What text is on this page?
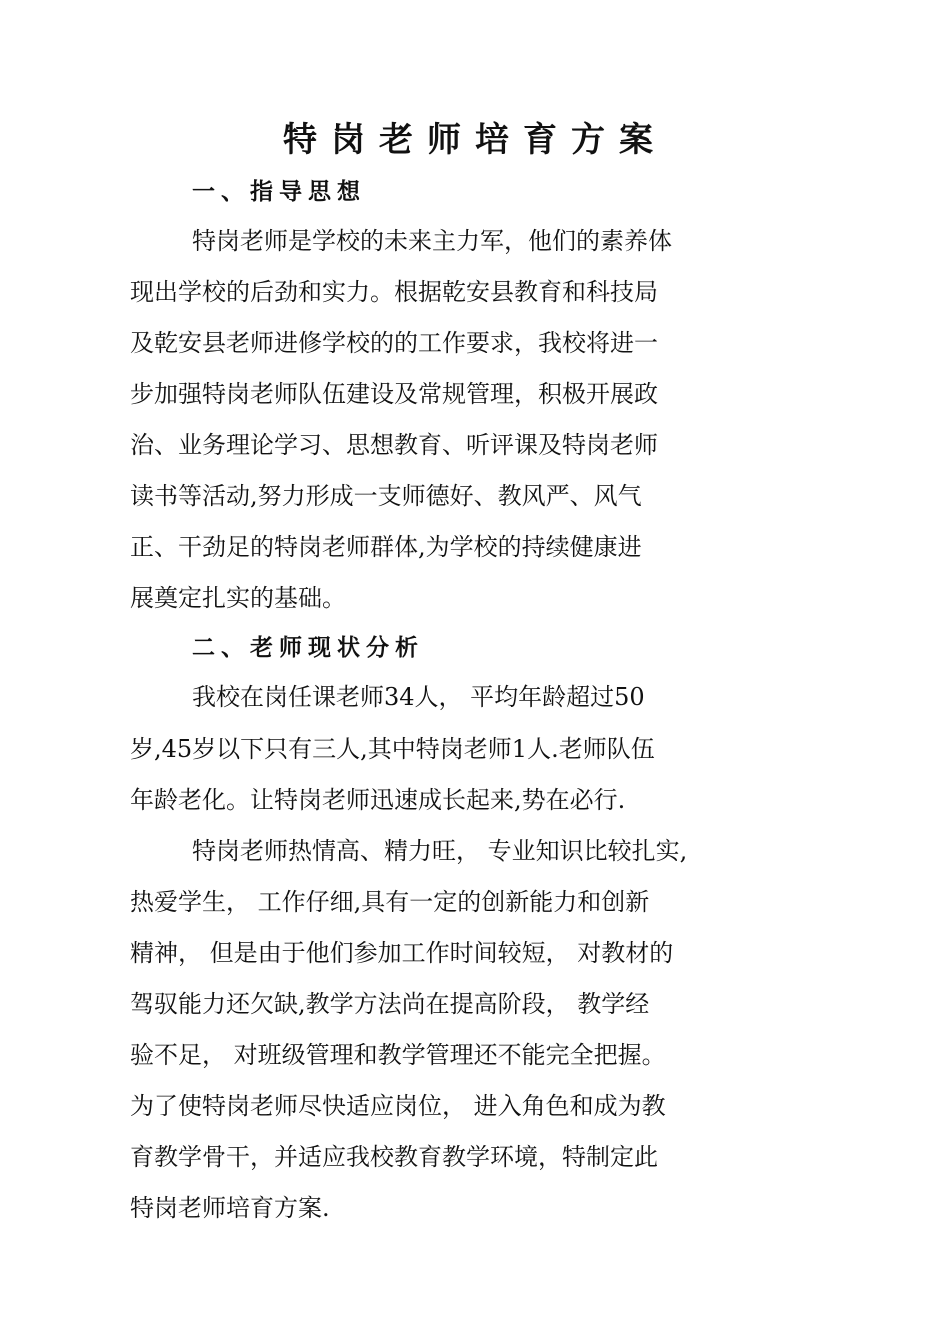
特岗老师培育方案
一、指导思想

特岗老师是学校的未来主力军，他们的素养体

现出学校的后劲和实力。根据乾安县教育和科技局

及乾安县老师进修学校的的工作要求，我校将进一

步加强特岗老师队伍建设及常规管理，积极开展政

治、业务理论学习、思想教育、听评课及特岗老师

读书等活动,努力形成一支师德好、教风严、风气

正、干劲足的特岗老师群体,为学校的持续健康进

展奠定扎实的基础。

二、老师现状分析

我校在岗任课老师34人， 平均年龄超过50

岁,45岁以下只有三人,其中特岗老师1人.老师队伍

年龄老化。让特岗老师迅速成长起来,势在必行.

特岗老师热情高、精力旺， 专业知识比较扎实,

热爱学生， 工作仔细,具有一定的创新能力和创新

精神， 但是由于他们参加工作时间较短， 对教材的

驾驭能力还欠缺,教学方法尚在提高阶段， 教学经

验不足， 对班级管理和教学管理还不能完全把握。

为了使特岗老师尽快适应岗位， 进入角色和成为教

育教学骨干，并适应我校教育教学环境，特制定此

特岗老师培育方案.
